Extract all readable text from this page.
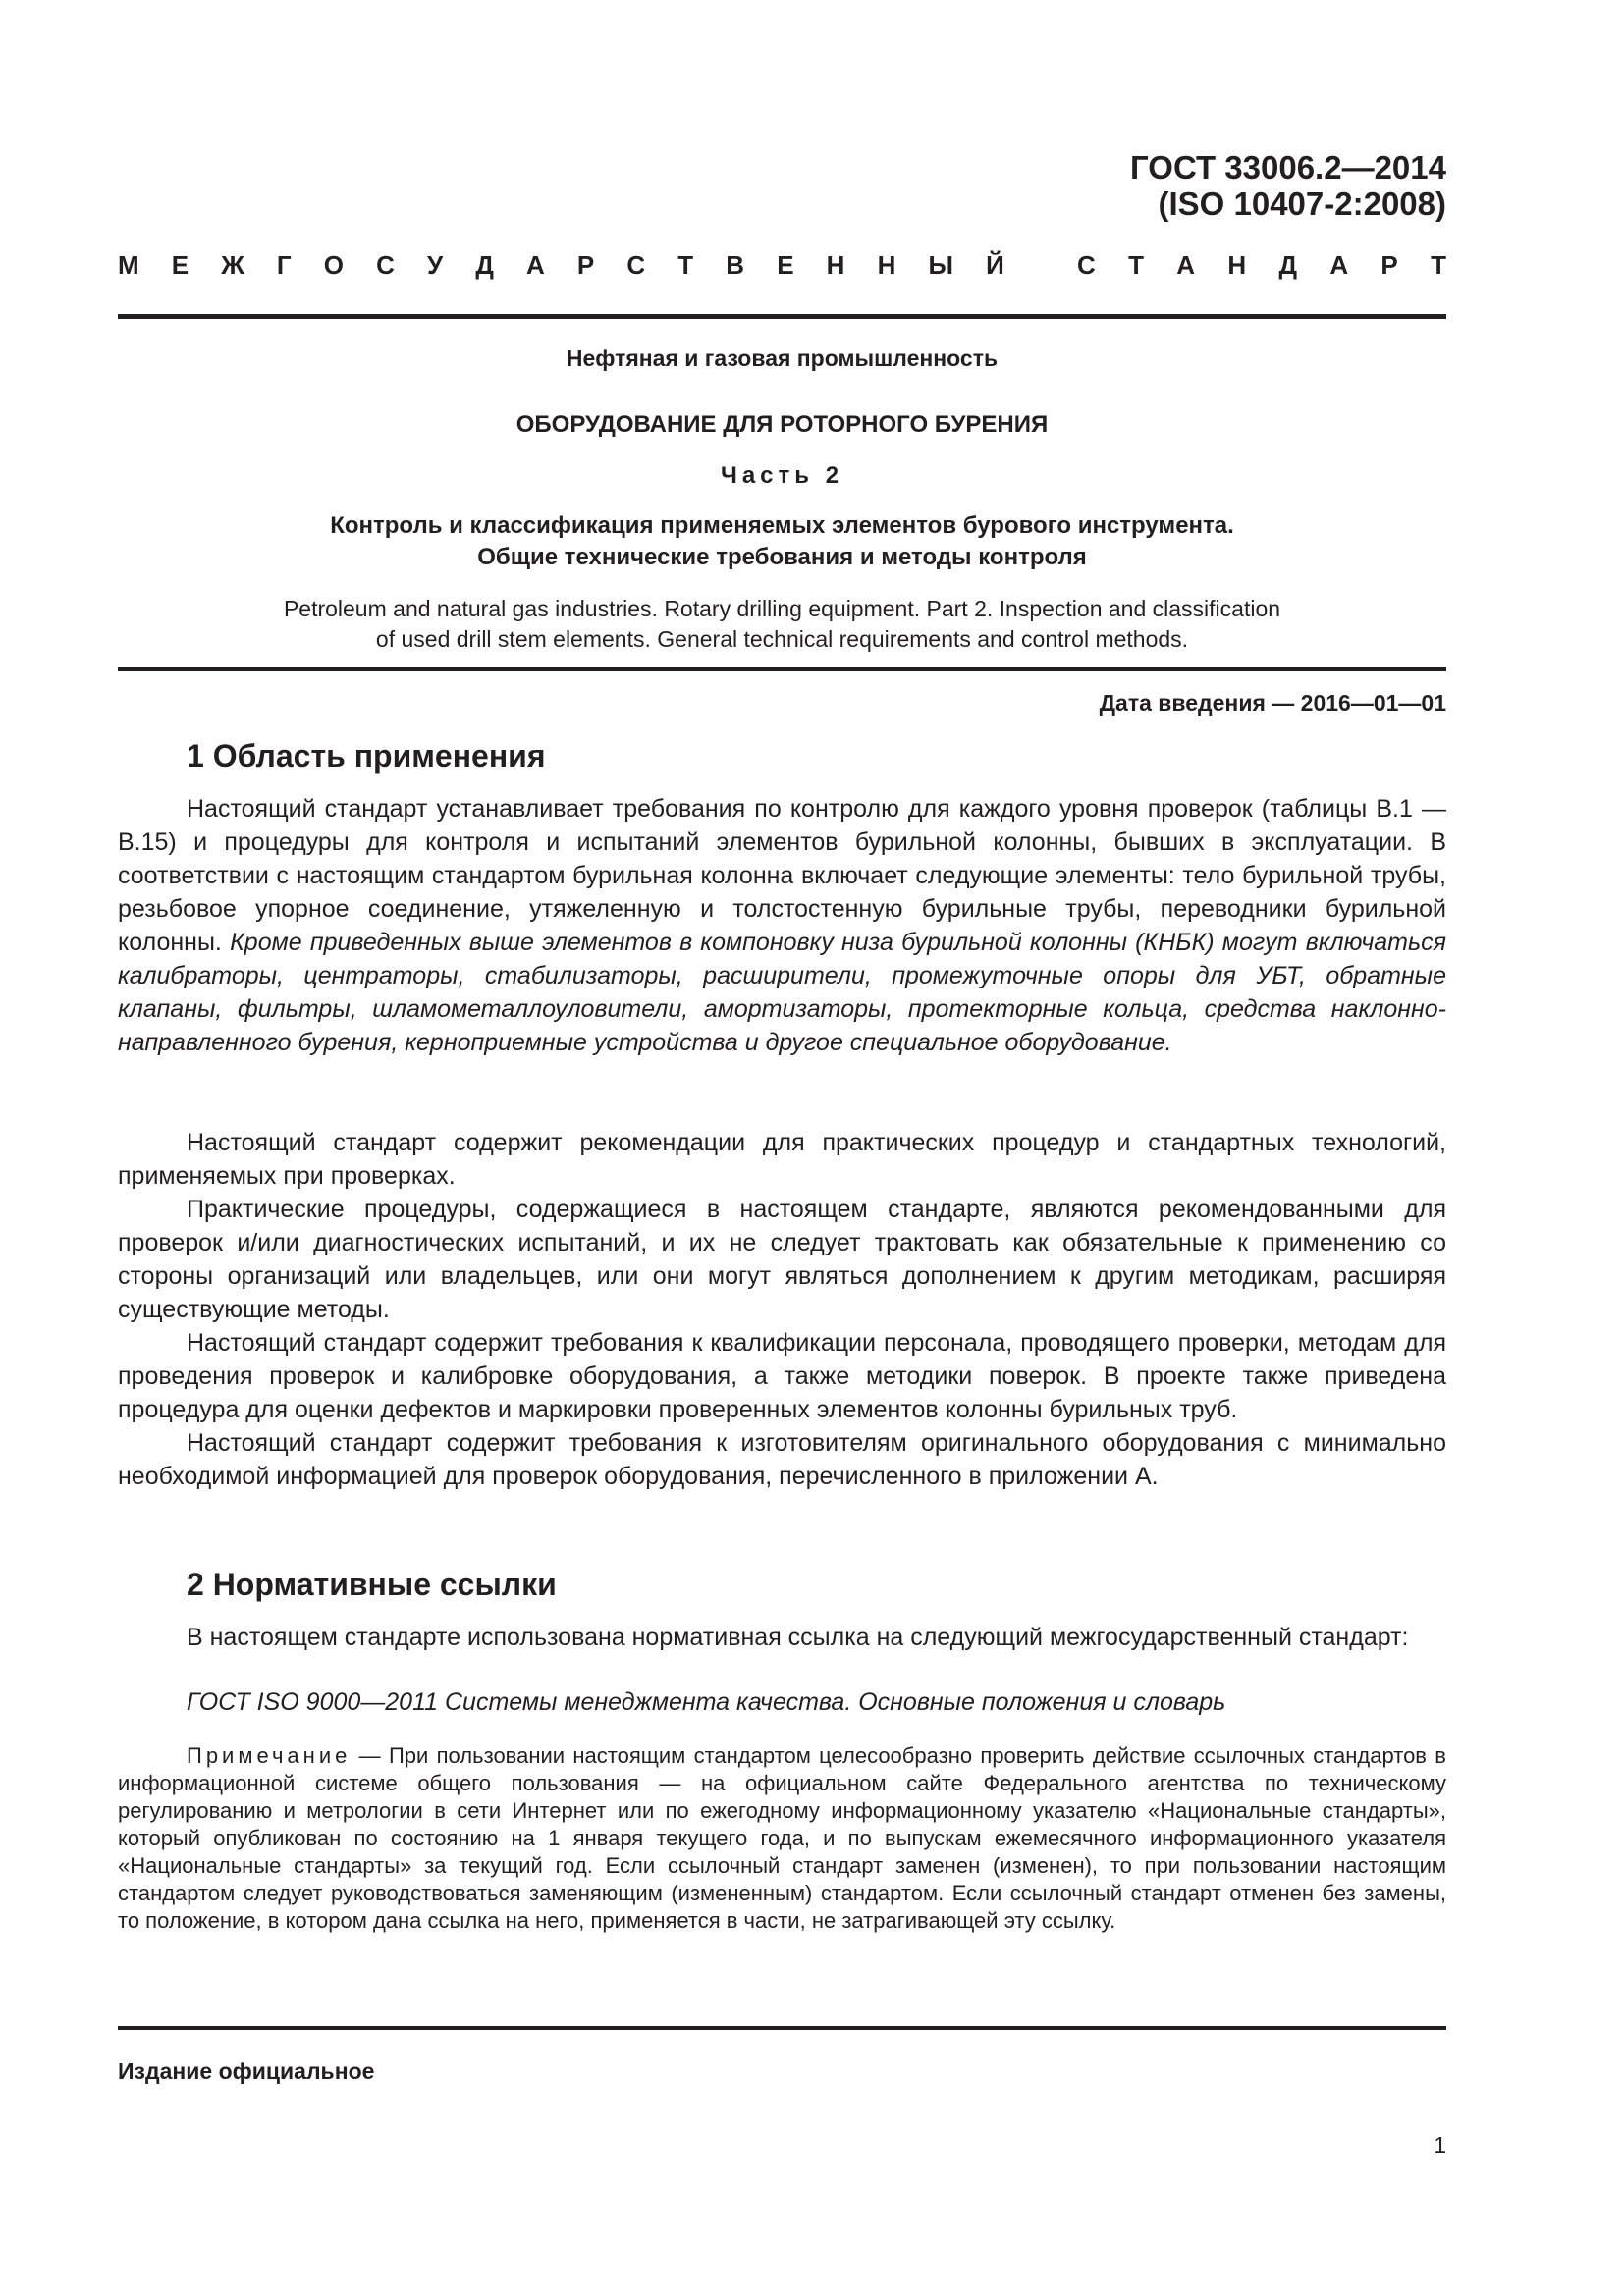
ГОСТ 33006.2—2014
(ISO 10407-2:2008)
М Е Ж Г О С У Д А Р С Т В Е Н Н Ы Й	С Т А Н Д А Р Т
Нефтяная и газовая промышленность
ОБОРУДОВАНИЕ ДЛЯ РОТОРНОГО БУРЕНИЯ
Часть 2
Контроль и классификация применяемых элементов бурового инструмента.
Общие технические требования и методы контроля
Petroleum and natural gas industries. Rotary drilling equipment. Part 2. Inspection and classification
of used drill stem elements. General technical requirements and control methods.
Дата введения — 2016—01—01
1 Область применения

Настоящий стандарт устанавливает требования по контролю для каждого уровня проверок (таблицы B.1 — B.15) и процедуры для контроля и испытаний элементов бурильной колонны, бывших в эксплуатации. В соответствии с настоящим стандартом бурильная колонна включает следующие элементы: тело бурильной трубы, резьбовое упорное соединение, утяжеленную и толстостенную бурильные трубы, переводники бурильной колонны. Кроме приведенных выше элементов в компоновку низа бурильной колонны (КНБК) могут включаться калибраторы, центраторы, стабилизаторы, расширители, промежуточные опоры для УБТ, обратные клапаны, фильтры, шламометаллоуловители, амортизаторы, протекторные кольца, средства наклонно-направленного бурения, керноприемные устройства и другое специальное оборудование.

Настоящий стандарт содержит рекомендации для практических процедур и стандартных технологий, применяемых при проверках.

Практические процедуры, содержащиеся в настоящем стандарте, являются рекомендованными для проверок и/или диагностических испытаний, и их не следует трактовать как обязательные к применению со стороны организаций или владельцев, или они могут являться дополнением к другим методикам, расширяя существующие методы.

Настоящий стандарт содержит требования к квалификации персонала, проводящего проверки, методам для проведения проверок и калибровке оборудования, а также методики поверок. В проекте также приведена процедура для оценки дефектов и маркировки проверенных элементов колонны бурильных труб.

Настоящий стандарт содержит требования к изготовителям оригинального оборудования с минимально необходимой информацией для проверок оборудования, перечисленного в приложении А.

2 Нормативные ссылки

В настоящем стандарте использована нормативная ссылка на следующий межгосударственный стандарт:

ГОСТ ISO 9000—2011 Системы менеджмента качества. Основные положения и словарь

Примечание — При пользовании настоящим стандартом целесообразно проверить действие ссылочных стандартов в информационной системе общего пользования — на официальном сайте Федерального агентства по техническому регулированию и метрологии в сети Интернет или по ежегодному информационному указателю «Национальные стандарты», который опубликован по состоянию на 1 января текущего года, и по выпускам ежемесячного информационного указателя «Национальные стандарты» за текущий год. Если ссылочный стандарт заменен (изменен), то при пользовании настоящим стандартом следует руководствоваться заменяющим (измененным) стандартом. Если ссылочный стандарт отменен без замены, то положение, в котором дана ссылка на него, применяется в части, не затрагивающей эту ссылку.

Издание официальное
1
